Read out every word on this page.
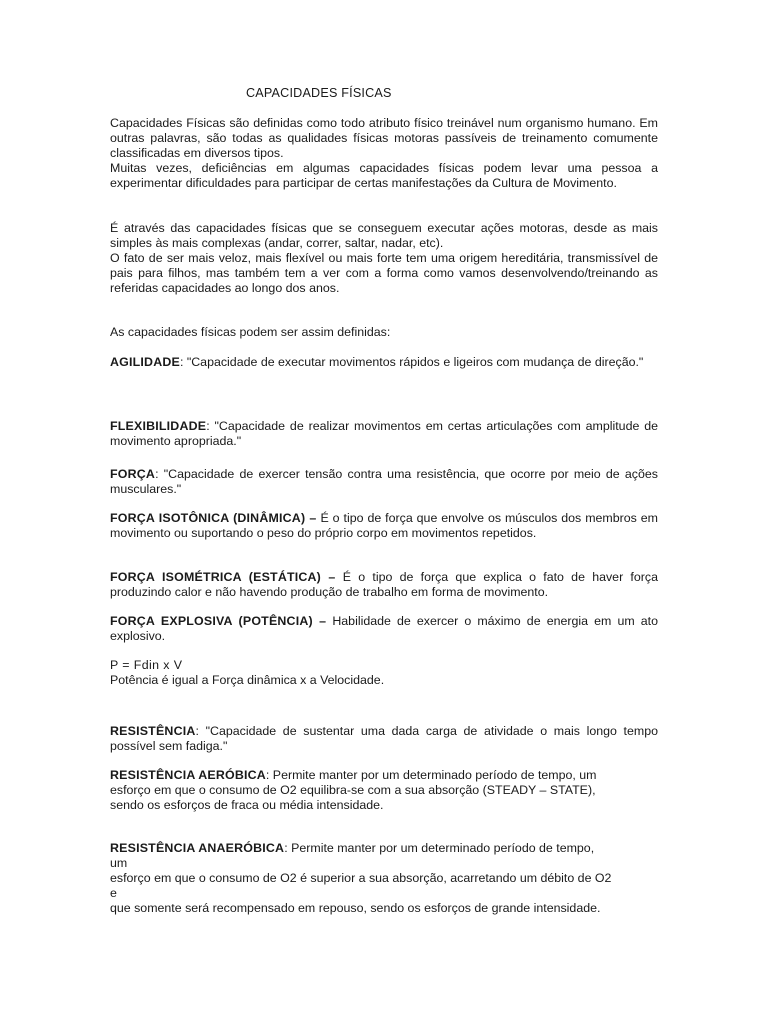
CAPACIDADES FÍSICAS

Capacidades Físicas são definidas como todo atributo físico treinável num organismo humano. Em outras palavras, são todas as qualidades físicas motoras passíveis de treinamento comumente classificadas em diversos tipos.

Muitas vezes, deficiências em algumas capacidades físicas podem levar uma pessoa a experimentar dificuldades para participar de certas manifestações da Cultura de Movimento.

É através das capacidades físicas que se conseguem executar ações motoras, desde as mais simples às mais complexas (andar, correr, saltar, nadar, etc).

O fato de ser mais veloz, mais flexível ou mais forte tem uma origem hereditária, transmissível de pais para filhos, mas também tem a ver com a forma como vamos desenvolvendo/treinando as referidas capacidades ao longo dos anos.

As capacidades físicas podem ser assim definidas:

AGILIDADE: "Capacidade de executar movimentos rápidos e ligeiros com mudança de direção."

FLEXIBILIDADE: "Capacidade de realizar movimentos em certas articulações com amplitude de movimento apropriada."

FORÇA: "Capacidade de exercer tensão contra uma resistência, que ocorre por meio de ações musculares."

FORÇA ISOTÔNICA (DINÂMICA) – É o tipo de força que envolve os músculos dos membros em movimento ou suportando o peso do próprio corpo em movimentos repetidos.

FORÇA ISOMÉTRICA (ESTÁTICA) – É o tipo de força que explica o fato de haver força produzindo calor e não havendo produção de trabalho em forma de movimento.

FORÇA EXPLOSIVA (POTÊNCIA) – Habilidade de exercer o máximo de energia em um ato explosivo.

P = Fdin x V

Potência é igual a Força dinâmica x a Velocidade.

RESISTÊNCIA: "Capacidade de sustentar uma dada carga de atividade o mais longo tempo possível sem fadiga."

RESISTÊNCIA AERÓBICA: Permite manter por um determinado período de tempo, um
esforço em que o consumo de O2 equilibra-se com a sua absorção (STEADY – STATE),
sendo os esforços de fraca ou média intensidade.
RESISTÊNCIA ANAERÓBICA: Permite manter por um determinado período de tempo,
um
esforço em que o consumo de O2 é superior a sua absorção, acarretando um débito de O2
e
que somente será recompensado em repouso, sendo os esforços de grande intensidade.
